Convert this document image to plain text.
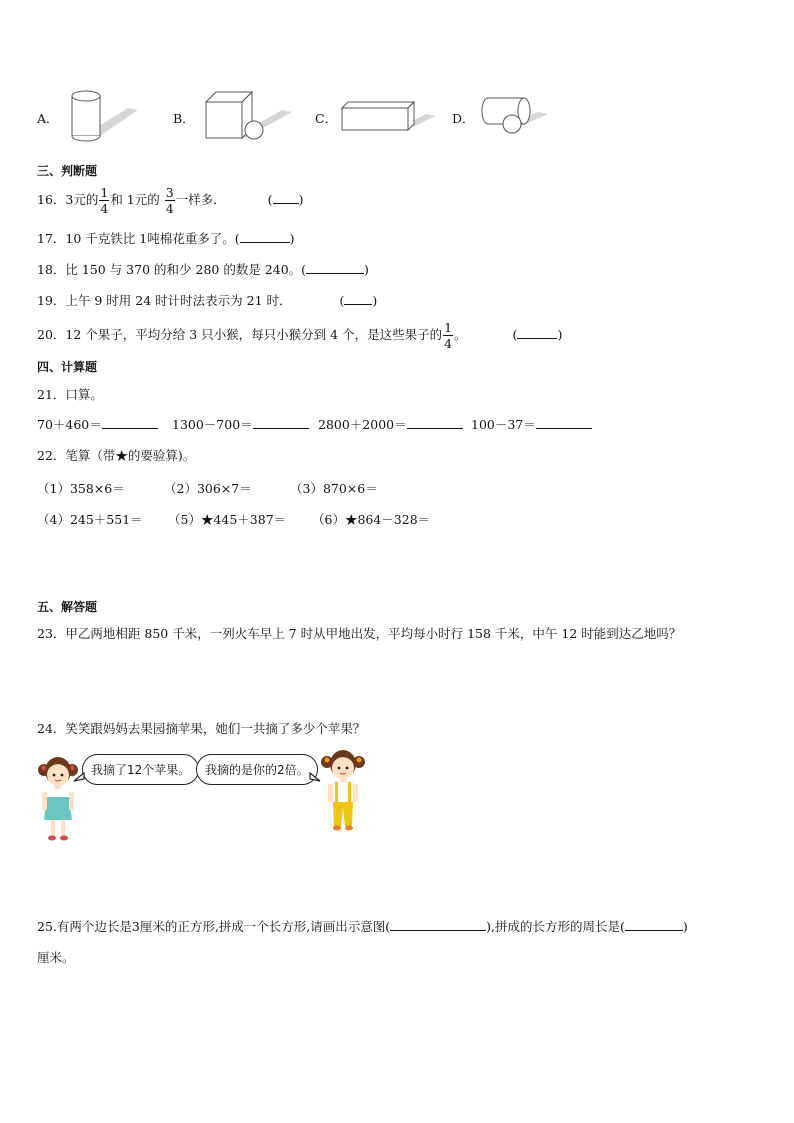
A．	B．	C．	D．
三、判断题
16．3元的 $\frac{1}{4}$ 和 1元的 $\frac{3}{4}$ 一样多．	( )
17．10 千克铁比 1吨棉花重多了。(	)
18．比 150 与 370 的和少 280 的数是 240。(	)
19．上午 9 时用 24 时计时法表示为 21 时．	( )
20．12 个果子，平均分给 3 只小猴，每只小猴分到 4 个，是这些果子的 $\frac{1}{4}$ 。	(	)
四、计算题
21．口算。
70＋460＝	1300－700＝	2800＋2000＝	100－37＝
22．笔算（带★的要验算)。
（1）358×6＝	（2）306×7＝	（3）870×6＝
（4）245＋551＝ （5）★445＋387＝ （6）★864－328＝
五、解答题
23．甲乙两地相距 850 千米，一列火车早上 7 时从甲地出发，平均每小时行 158 千米，中午 12 时能到达乙地吗？
24．笑笑跟妈妈去果园摘苹果，她们一共摘了多少个苹果？
我摘了12个苹果。	我摘的是你的2倍。
25.有两个边长是3厘米的正方形,拼成一个长方形,请画出示意图(	),拼成的长方形的周长是(	)
厘米。
